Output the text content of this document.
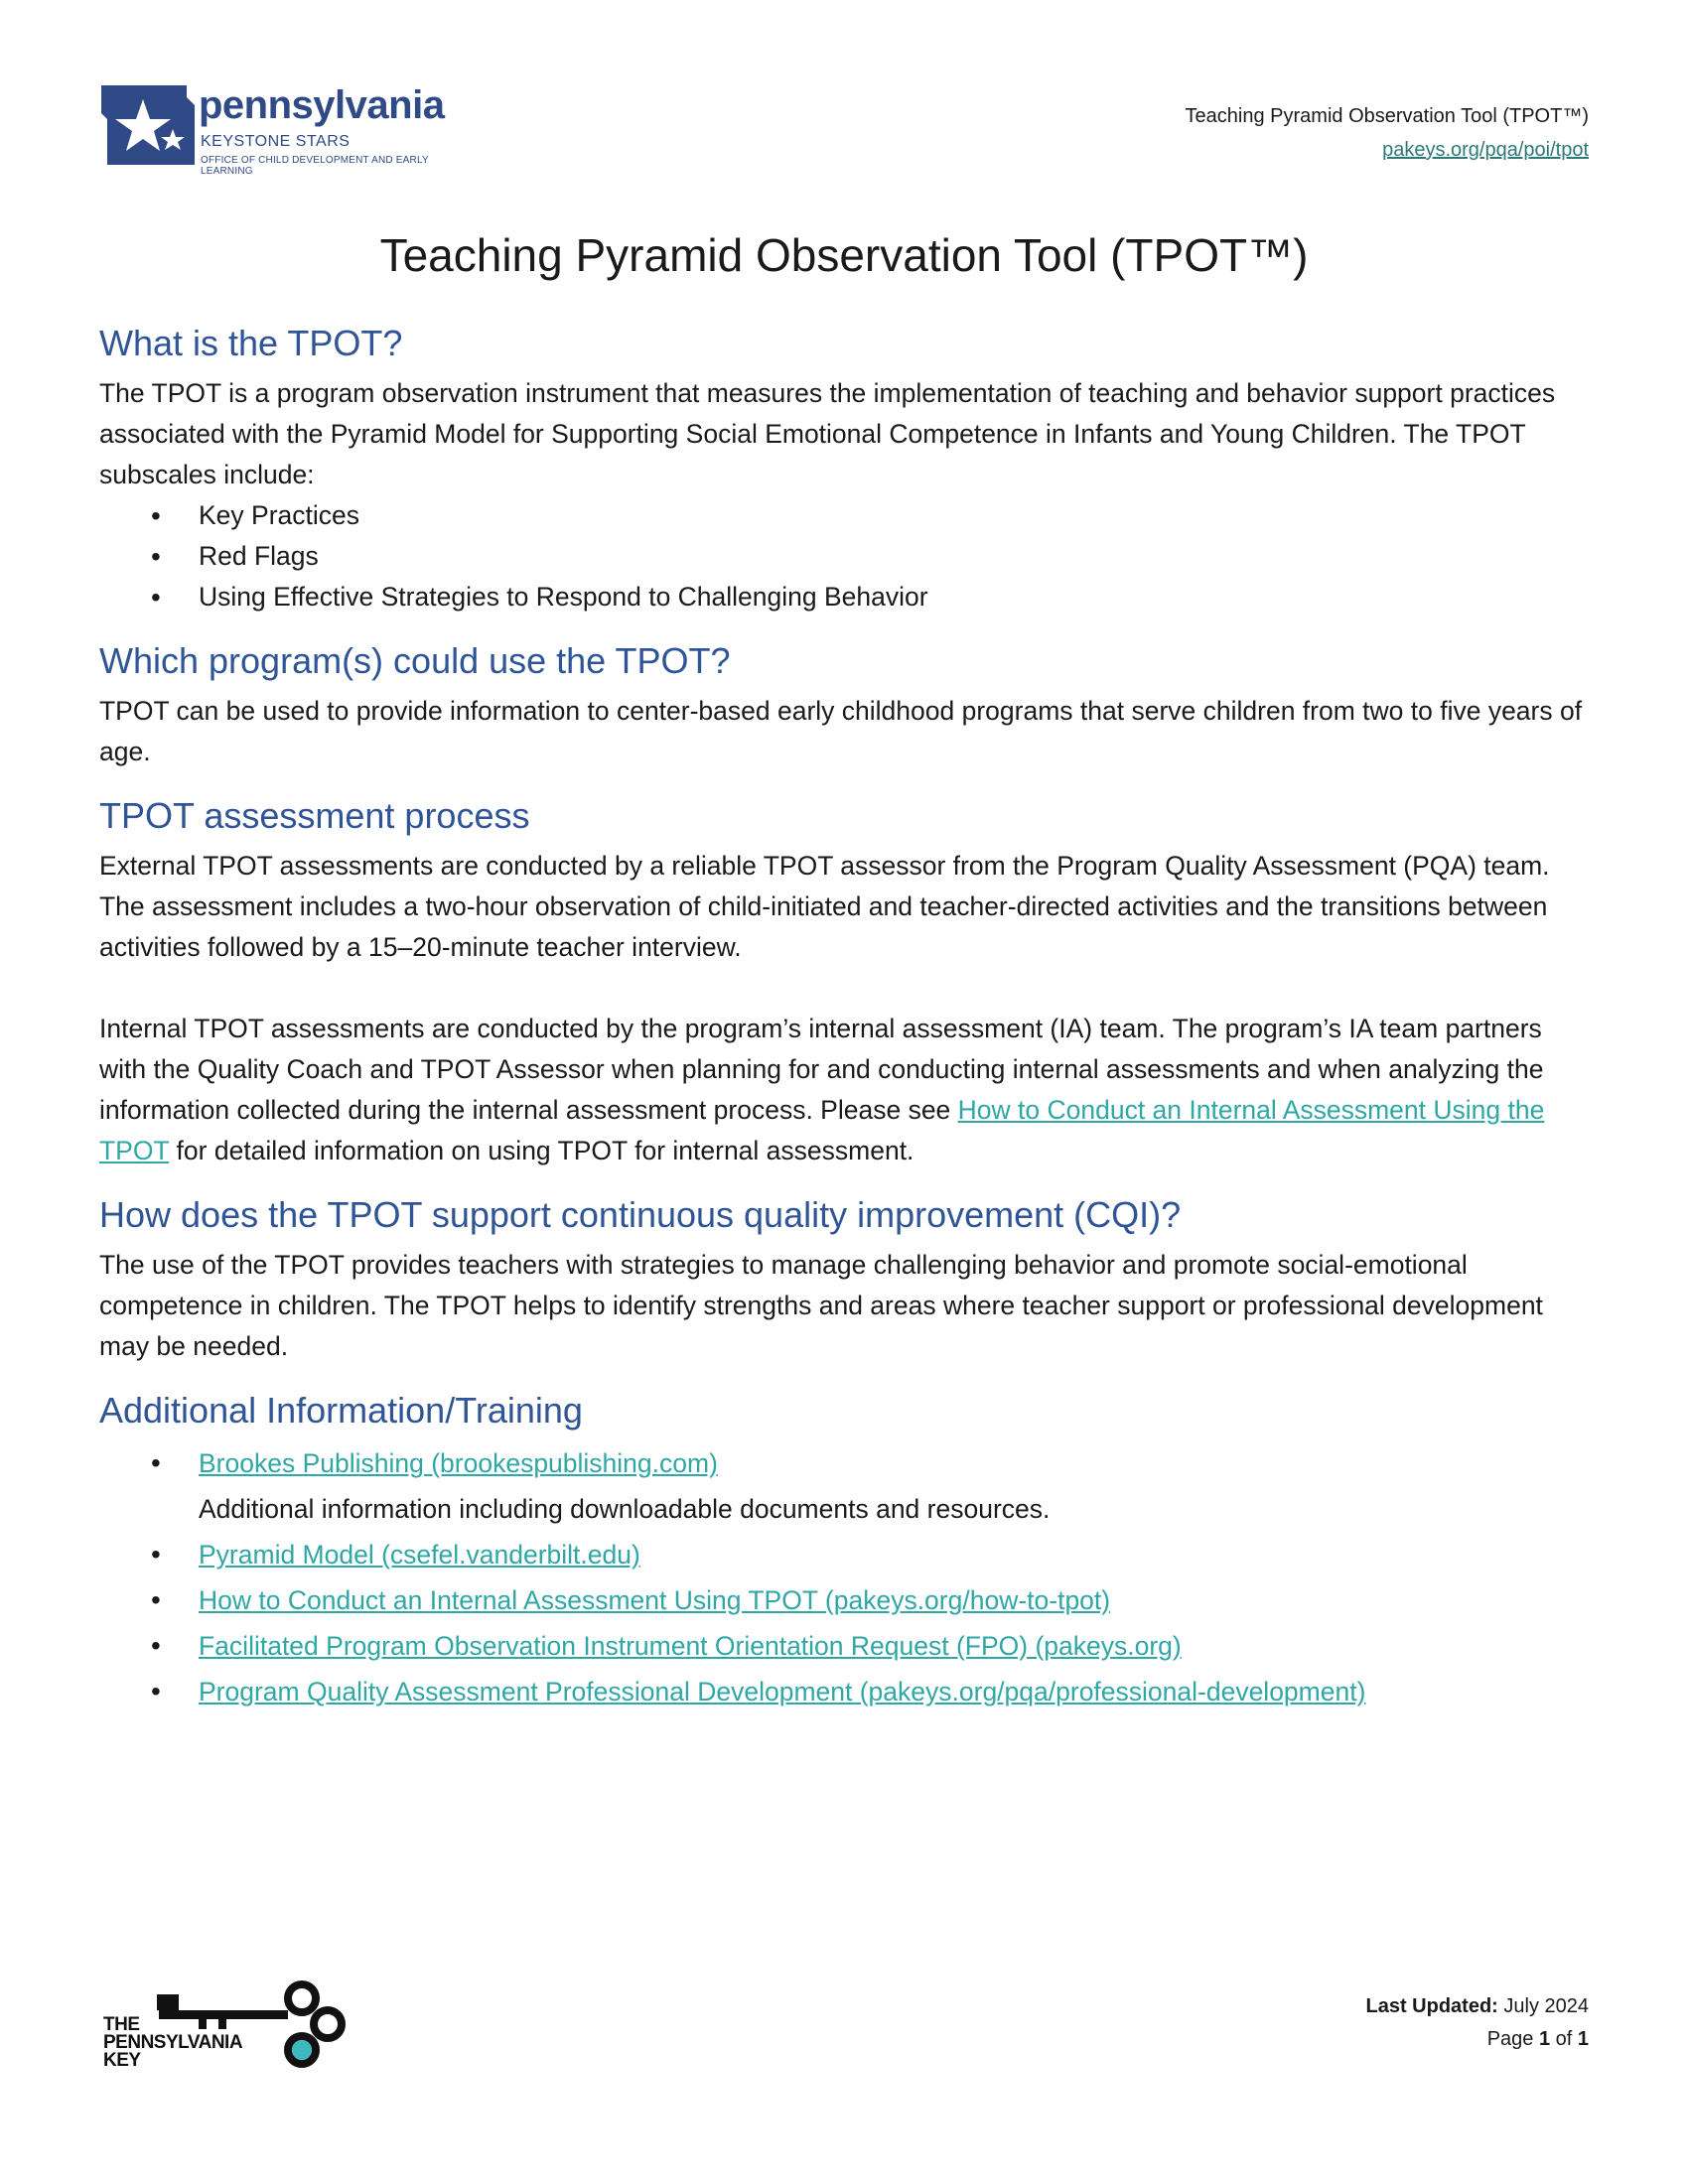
pennsylvania
KEYSTONE STARS
OFFICE OF CHILD DEVELOPMENT AND EARLY LEARNING
Teaching Pyramid Observation Tool (TPOT™)
pakeys.org/pqa/poi/tpot
Teaching Pyramid Observation Tool (TPOT™)
What is the TPOT?

The TPOT is a program observation instrument that measures the implementation of teaching and behavior support practices associated with the Pyramid Model for Supporting Social Emotional Competence in Infants and Young Children. The TPOT subscales include:

• Key Practices
• Red Flags
• Using Effective Strategies to Respond to Challenging Behavior
Which program(s) could use the TPOT?

TPOT can be used to provide information to center-based early childhood programs that serve children from two to five years of age.

TPOT assessment process

External TPOT assessments are conducted by a reliable TPOT assessor from the Program Quality Assessment (PQA) team. The assessment includes a two-hour observation of child-initiated and teacher-directed activities and the transitions between activities followed by a 15–20-minute teacher interview.

Internal TPOT assessments are conducted by the program’s internal assessment (IA) team. The program’s IA team partners with the Quality Coach and TPOT Assessor when planning for and conducting internal assessments and when analyzing the information collected during the internal assessment process. Please see How to Conduct an Internal Assessment Using the TPOT for detailed information on using TPOT for internal assessment.

How does the TPOT support continuous quality improvement (CQI)?

The use of the TPOT provides teachers with strategies to manage challenging behavior and promote social-emotional competence in children. The TPOT helps to identify strengths and areas where teacher support or professional development may be needed.

Additional Information/Training
• Brookes Publishing (brookespublishing.com)
Additional information including downloadable documents and resources.
• Pyramid Model (csefel.vanderbilt.edu)
• How to Conduct an Internal Assessment Using TPOT (pakeys.org/how-to-tpot)
• Facilitated Program Observation Instrument Orientation Request (FPO) (pakeys.org)
• Program Quality Assessment Professional Development (pakeys.org/pqa/professional-development)
THE
PENNSYLVANIA
KEY
Last Updated: July 2024
Page 1 of 1
